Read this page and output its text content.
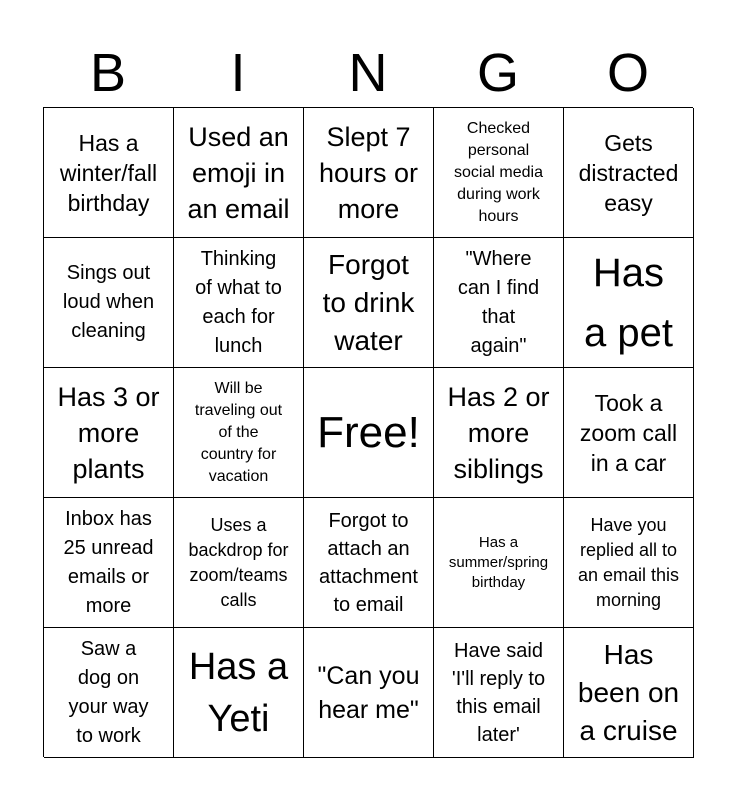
B	I	N	G	O
Has a
winter/fall
birthday
Used an
emoji in
an email
Slept 7
hours or
more
Checked
personal
social media
during work
hours
Gets
distracted
easy
Sings out
loud when
cleaning
Thinking
of what to
each for
lunch
Forgot
to drink
water
"Where
can I find
that
again"
Has
a pet
Has 3 or
more
plants
Will be
traveling out
of the
country for
vacation
Free!
Has 2 or
more
siblings
Took a
zoom call
in a car
Inbox has
25 unread
emails or
more
Uses a
backdrop for
zoom/teams
calls
Forgot to
attach an
attachment
to email
Has a
summer/spring
birthday
Have you
replied all to
an email this
morning
Saw a
dog on
your way
to work
Has a
Yeti
"Can you
hear me"
Have said
'I'll reply to
this email
later'
Has
been on
a cruise
